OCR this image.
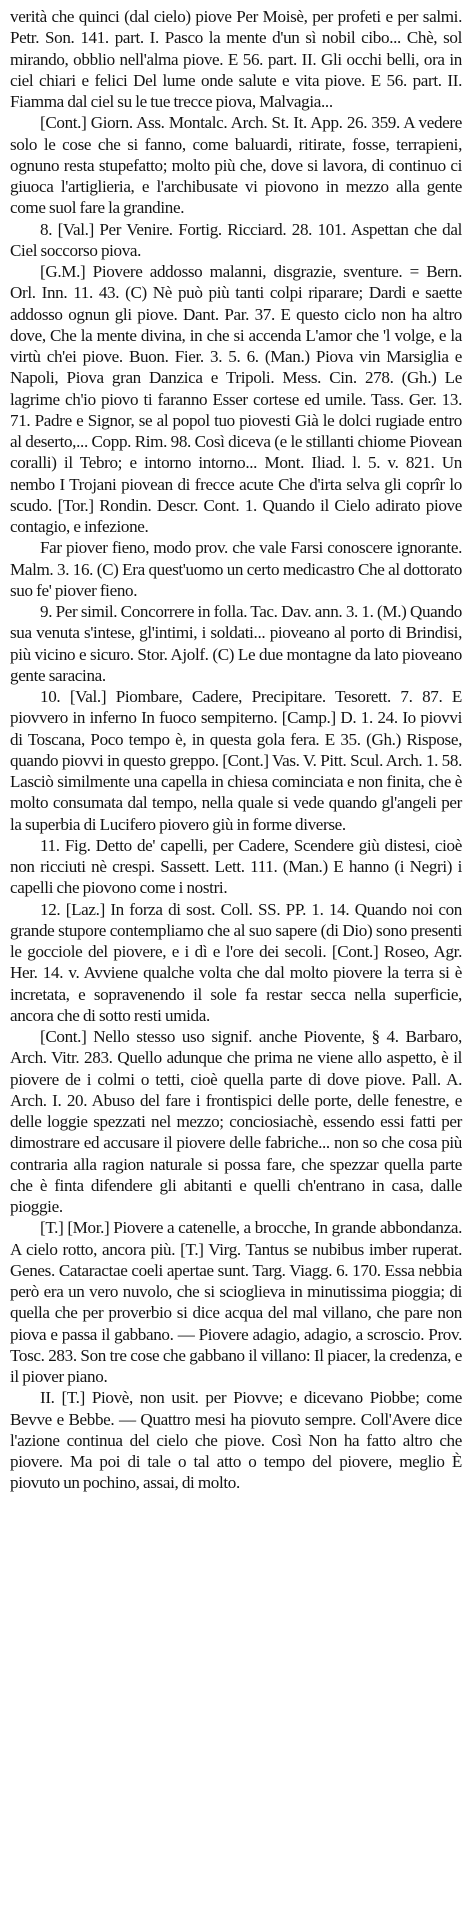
verità che quinci (dal cielo) piove Per Moisè, per profeti e per salmi. Petr. Son. 141. part. I. Pasco la mente d'un sì nobil cibo... Chè, sol mirando, obblio nell'alma piove. E 56. part. II. Gli occhi belli, ora in ciel chiari e felici Del lume onde salute e vita piove. E 56. part. II. Fiamma dal ciel su le tue trecce piova, Malvagia...

[Cont.] Giorn. Ass. Montalc. Arch. St. It. App. 26. 359. A vedere solo le cose che si fanno, come baluardi, ritirate, fosse, terrapieni, ognuno resta stupefatto; molto più che, dove si lavora, di continuo ci giuoca l'artiglieria, e l'archibusate vi piovono in mezzo alla gente come suol fare la grandine.

8. [Val.] Per Venire. Fortig. Ricciard. 28. 101. Aspettan che dal Ciel soccorso piova.

[G.M.] Piovere addosso malanni, disgrazie, sventure. = Bern. Orl. Inn. 11. 43. (C) Nè può più tanti colpi riparare; Dardi e saette addosso ognun gli piove. Dant. Par. 37. E questo ciclo non ha altro dove, Che la mente divina, in che si accenda L'amor che 'l volge, e la virtù ch'ei piove. Buon. Fier. 3. 5. 6. (Man.) Piova vin Marsiglia e Napoli, Piova gran Danzica e Tripoli. Mess. Cin. 278. (Gh.) Le lagrime ch'io piovo ti faranno Esser cortese ed umile. Tass. Ger. 13. 71. Padre e Signor, se al popol tuo piovesti Già le dolci rugiade entro al deserto,... Copp. Rim. 98. Così diceva (e le stillanti chiome Piovean coralli) il Tebro; e intorno intorno... Mont. Iliad. l. 5. v. 821. Un nembo I Trojani piovean di frecce acute Che d'irta selva gli coprîr lo scudo. [Tor.] Rondin. Descr. Cont. 1. Quando il Cielo adirato piove contagio, e infezione.

Far piover fieno, modo prov. che vale Farsi conoscere ignorante. Malm. 3. 16. (C) Era quest'uomo un certo medicastro Che al dottorato suo fe' piover fieno.

9. Per simil. Concorrere in folla. Tac. Dav. ann. 3. 1. (M.) Quando sua venuta s'intese, gl'intimi, i soldati... pioveano al porto di Brindisi, più vicino e sicuro. Stor. Ajolf. (C) Le due montagne da lato pioveano gente saracina.

10. [Val.] Piombare, Cadere, Precipitare. Tesorett. 7. 87. E piovvero in inferno In fuoco sempiterno. [Camp.] D. 1. 24. Io piovvi di Toscana, Poco tempo è, in questa gola fera. E 35. (Gh.) Rispose, quando piovvi in questo greppo. [Cont.] Vas. V. Pitt. Scul. Arch. 1. 58. Lasciò similmente una capella in chiesa cominciata e non finita, che è molto consumata dal tempo, nella quale si vede quando gl'angeli per la superbia di Lucifero piovero giù in forme diverse.

11. Fig. Detto de' capelli, per Cadere, Scendere giù distesi, cioè non ricciuti nè crespi. Sassett. Lett. 111. (Man.) E hanno (i Negri) i capelli che piovono come i nostri.

12. [Laz.] In forza di sost. Coll. SS. PP. 1. 14. Quando noi con grande stupore contempliamo che al suo sapere (di Dio) sono presenti le gocciole del piovere, e i dì e l'ore dei secoli. [Cont.] Roseo, Agr. Her. 14. v. Avviene qualche volta che dal molto piovere la terra si è incretata, e sopravenendo il sole fa restar secca nella superficie, ancora che di sotto resti umida.

[Cont.] Nello stesso uso signif. anche Piovente, § 4. Barbaro, Arch. Vitr. 283. Quello adunque che prima ne viene allo aspetto, è il piovere de i colmi o tetti, cioè quella parte di dove piove. Pall. A. Arch. I. 20. Abuso del fare i frontispici delle porte, delle fenestre, e delle loggie spezzati nel mezzo; conciosiachè, essendo essi fatti per dimostrare ed accusare il piovere delle fabriche... non so che cosa più contraria alla ragion naturale si possa fare, che spezzar quella parte che è finta difendere gli abitanti e quelli ch'entrano in casa, dalle pioggie.

[T.] [Mor.] Piovere a catenelle, a brocche, In grande abbondanza. A cielo rotto, ancora più. [T.] Virg. Tantus se nubibus imber ruperat. Genes. Cataractae coeli apertae sunt. Targ. Viagg. 6. 170. Essa nebbia però era un vero nuvolo, che si scioglieva in minutissima pioggia; di quella che per proverbio si dice acqua del mal villano, che pare non piova e passa il gabbano. — Piovere adagio, adagio, a scroscio. Prov. Tosc. 283. Son tre cose che gabbano il villano: Il piacer, la credenza, e il piover piano.

II. [T.] Piovè, non usit. per Piovve; e dicevano Piobbe; come Bevve e Bebbe. — Quattro mesi ha piovuto sempre. Coll'Avere dice l'azione continua del cielo che piove. Così Non ha fatto altro che piovere. Ma poi di tale o tal atto o tempo del piovere, meglio È piovuto un pochino, assai, di molto.
